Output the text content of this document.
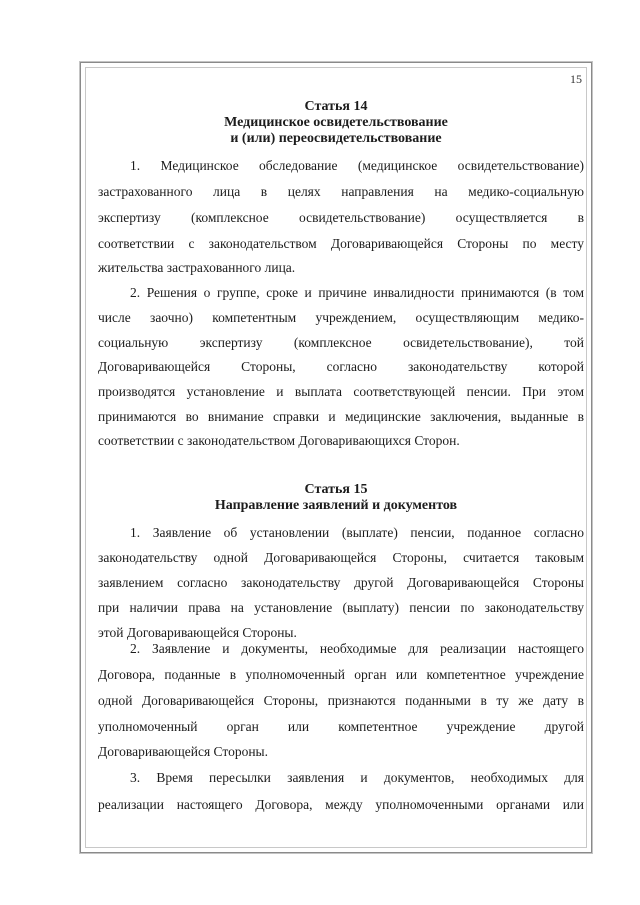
15
Статья 14
Медицинское освидетельствование
и (или) переосвидетельствование
1. Медицинское обследование (медицинское освидетельствование)
застрахованного лица в целях направления на медико-социальную
экспертизу (комплексное освидетельствование) осуществляется в
соответствии с законодательством Договаривающейся Стороны по месту
жительства застрахованного лица.
2. Решения о группе, сроке и причине инвалидности принимаются (в том
числе заочно) компетентным учреждением, осуществляющим медико-
социальную экспертизу (комплексное освидетельствование), той
Договаривающейся Стороны, согласно законодательству которой
производятся установление и выплата соответствующей пенсии. При этом
принимаются во внимание справки и медицинские заключения, выданные в
соответствии с законодательством Договаривающихся Сторон.
Статья 15
Направление заявлений и документов
1. Заявление об установлении (выплате) пенсии, поданное согласно
законодательству одной Договаривающейся Стороны, считается таковым
заявлением согласно законодательству другой Договаривающейся Стороны
при наличии права на установление (выплату) пенсии по законодательству
этой Договаривающейся Стороны.
2. Заявление и документы, необходимые для реализации настоящего
Договора, поданные в уполномоченный орган или компетентное учреждение
одной Договаривающейся Стороны, признаются поданными в ту же дату в
уполномоченный орган или компетентное учреждение другой
Договаривающейся Стороны.
3. Время пересылки заявления и документов, необходимых для
реализации настоящего Договора, между уполномоченными органами или
